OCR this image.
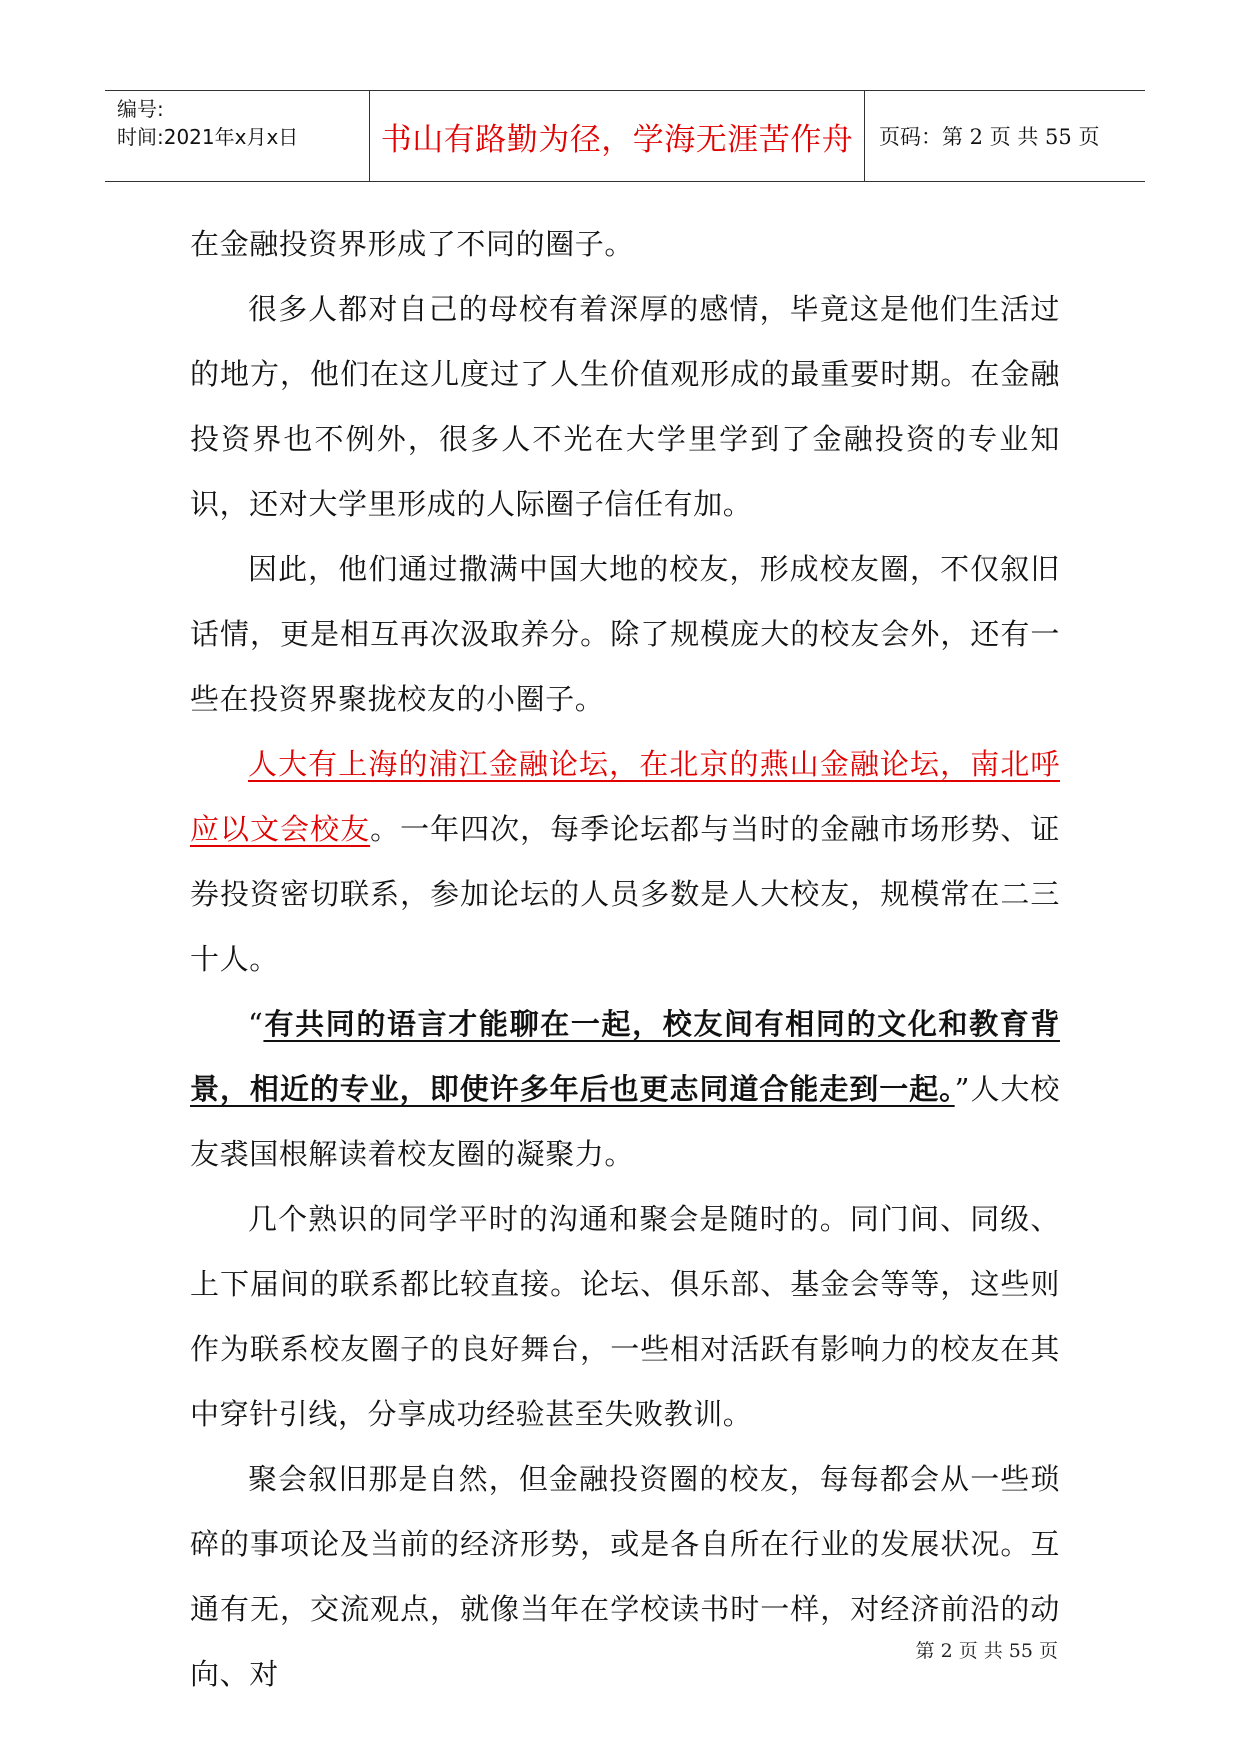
编号:
时间:2021年x月x日	书山有路勤为径，学海无涯苦作舟	页码：第 2 页 共 55 页

在金融投资界形成了不同的圈子。

很多人都对自己的母校有着深厚的感情，毕竟这是他们生活过的地方，他们在这儿度过了人生价值观形成的最重要时期。在金融投资界也不例外，很多人不光在大学里学到了金融投资的专业知识，还对大学里形成的人际圈子信任有加。

因此，他们通过撒满中国大地的校友，形成校友圈，不仅叙旧话情，更是相互再次汲取养分。除了规模庞大的校友会外，还有一些在投资界聚拢校友的小圈子。

人大有上海的浦江金融论坛，在北京的燕山金融论坛，南北呼应以文会校友。一年四次，每季论坛都与当时的金融市场形势、证券投资密切联系，参加论坛的人员多数是人大校友，规模常在二三十人。

“有共同的语言才能聊在一起，校友间有相同的文化和教育背景，相近的专业，即使许多年后也更志同道合能走到一起。”人大校友裘国根解读着校友圈的凝聚力。

几个熟识的同学平时的沟通和聚会是随时的。同门间、同级、上下届间的联系都比较直接。论坛、俱乐部、基金会等等，这些则作为联系校友圈子的良好舞台，一些相对活跃有影响力的校友在其中穿针引线，分享成功经验甚至失败教训。

聚会叙旧那是自然，但金融投资圈的校友，每每都会从一些琐碎的事项论及当前的经济形势，或是各自所在行业的发展状况。互通有无，交流观点，就像当年在学校读书时一样，对经济前沿的动向、对

第 2 页 共 55 页
